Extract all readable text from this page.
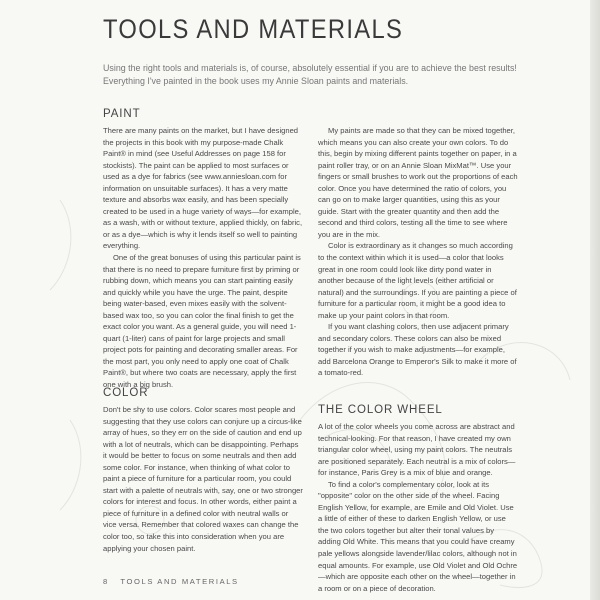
TOOLS AND MATERIALS
Using the right tools and materials is, of course, absolutely essential if you are to achieve the best results! Everything I've painted in the book uses my Annie Sloan paints and materials.
PAINT

There are many paints on the market, but I have designed the projects in this book with my purpose-made Chalk Paint® in mind (see Useful Addresses on page 158 for stockists). The paint can be applied to most surfaces or used as a dye for fabrics (see www.anniesloan.com for information on unsuitable surfaces). It has a very matte texture and absorbs wax easily, and has been specially created to be used in a huge variety of ways—for example, as a wash, with or without texture, applied thickly, on fabric, or as a dye—which is why it lends itself so well to painting everything.

One of the great bonuses of using this particular paint is that there is no need to prepare furniture first by priming or rubbing down, which means you can start painting easily and quickly while you have the urge. The paint, despite being water-based, even mixes easily with the solvent-based wax too, so you can color the final finish to get the exact color you want. As a general guide, you will need 1-quart (1-liter) cans of paint for large projects and small project pots for painting and decorating smaller areas. For the most part, you only need to apply one coat of Chalk Paint®, but where two coats are necessary, apply the first one with a big brush.

My paints are made so that they can be mixed together, which means you can also create your own colors. To do this, begin by mixing different paints together on paper, in a paint roller tray, or on an Annie Sloan MixMat™. Use your fingers or small brushes to work out the proportions of each color. Once you have determined the ratio of colors, you can go on to make larger quantities, using this as your guide. Start with the greater quantity and then add the second and third colors, testing all the time to see where you are in the mix.

Color is extraordinary as it changes so much according to the context within which it is used—a color that looks great in one room could look like dirty pond water in another because of the light levels (either artificial or natural) and the surroundings. If you are painting a piece of furniture for a particular room, it might be a good idea to make up your paint colors in that room.

If you want clashing colors, then use adjacent primary and secondary colors. These colors can also be mixed together if you wish to make adjustments—for example, add Barcelona Orange to Emperor's Silk to make it more of a tomato-red.

COLOR

Don't be shy to use colors. Color scares most people and suggesting that they use colors can conjure up a circus-like array of hues, so they err on the side of caution and end up with a lot of neutrals, which can be disappointing. Perhaps it would be better to focus on some neutrals and then add some color. For instance, when thinking of what color to paint a piece of furniture for a particular room, you could start with a palette of neutrals with, say, one or two stronger colors for interest and focus. In other words, either paint a piece of furniture in a defined color with neutral walls or vice versa. Remember that colored waxes can change the color too, so take this into consideration when you are applying your chosen paint.

THE COLOR WHEEL

A lot of the color wheels you come across are abstract and technical-looking. For that reason, I have created my own triangular color wheel, using my paint colors. The neutrals are positioned separately. Each neutral is a mix of colors—for instance, Paris Grey is a mix of blue and orange.

To find a color's complementary color, look at its "opposite" color on the other side of the wheel. Facing English Yellow, for example, are Emile and Old Violet. Use a little of either of these to darken English Yellow, or use the two colors together but alter their tonal values by adding Old White. This means that you could have creamy pale yellows alongside lavender/lilac colors, although not in equal amounts. For example, use Old Violet and Old Ochre—which are opposite each other on the wheel—together in a room or on a piece of decoration.

8 TOOLS AND MATERIALS
